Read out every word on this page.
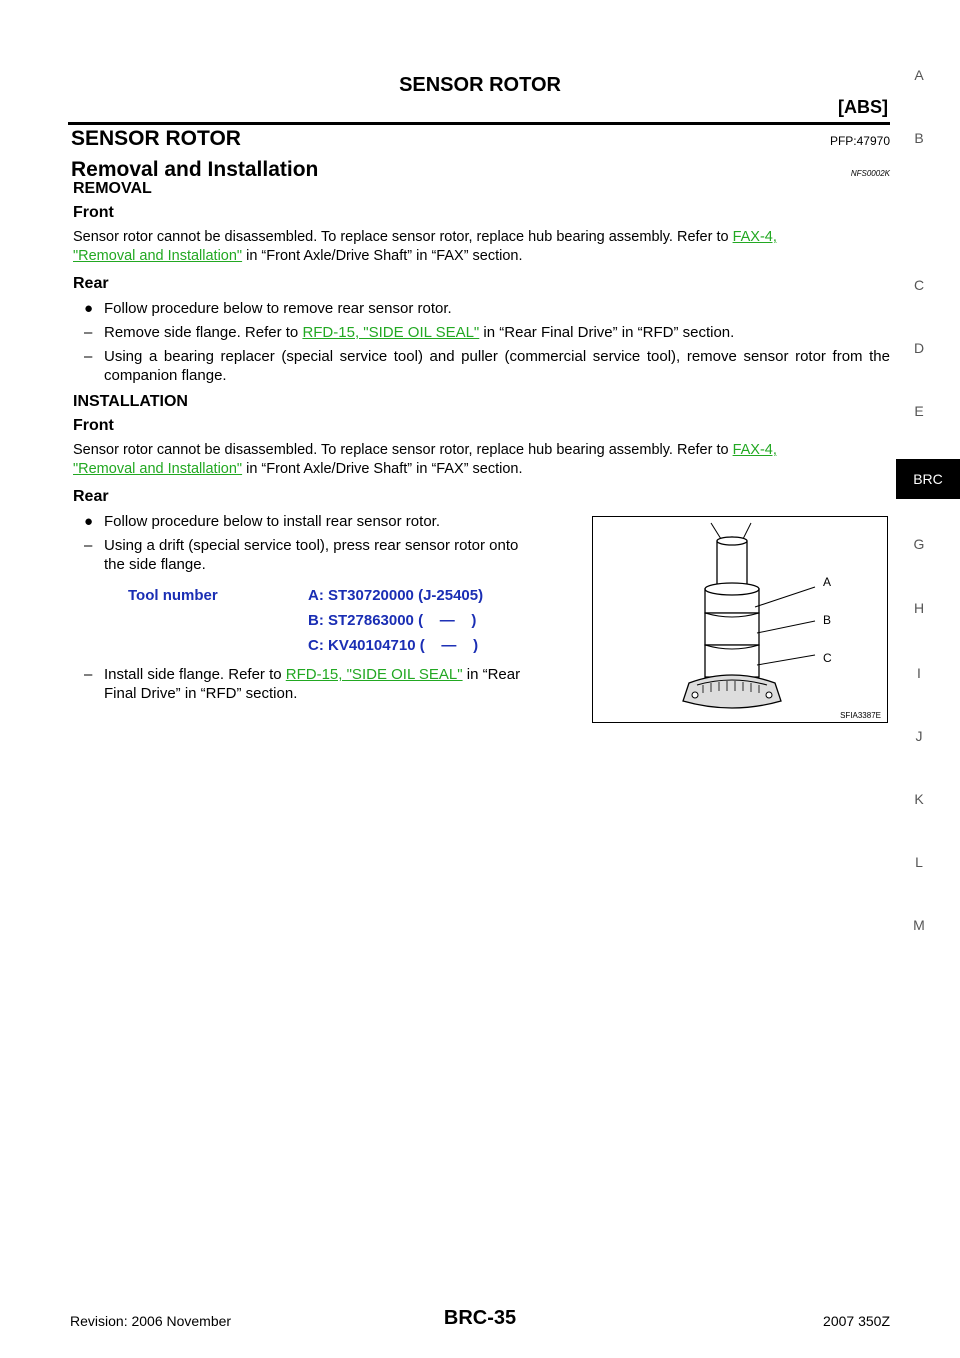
SENSOR ROTOR
[ABS]
SENSOR ROTOR	PFP:47970
Removal and Installation	NFS0002K
REMOVAL
Front
Sensor rotor cannot be disassembled. To replace sensor rotor, replace hub bearing assembly. Refer to FAX-4,
"Removal and Installation" in “Front Axle/Drive Shaft” in “FAX” section.
Rear
● Follow procedure below to remove rear sensor rotor.
– Remove side flange. Refer to RFD-15, "SIDE OIL SEAL" in “Rear Final Drive” in “RFD” section.
– Using a bearing replacer (special service tool) and puller (commercial service tool), remove sensor rotor from the companion flange.
INSTALLATION
Front
Sensor rotor cannot be disassembled. To replace sensor rotor, replace hub bearing assembly. Refer to FAX-4,
"Removal and Installation" in “Front Axle/Drive Shaft” in “FAX” section.
Rear
● Follow procedure below to install rear sensor rotor.
– Using a drift (special service tool), press rear sensor rotor onto
the side flange.
Tool number	A: ST30720000 (J-25405)
B: ST27863000 (    —    )
C: KV40104710 (    —    )
– Install side flange. Refer to RFD-15, "SIDE OIL SEAL" in “Rear
Final Drive” in “RFD” section.
A
B
C
SFIA3387E
A
B
C
D
E
BRC
G
H
I
J
K
L
M
Revision: 2006 November	BRC-35	2007 350Z
